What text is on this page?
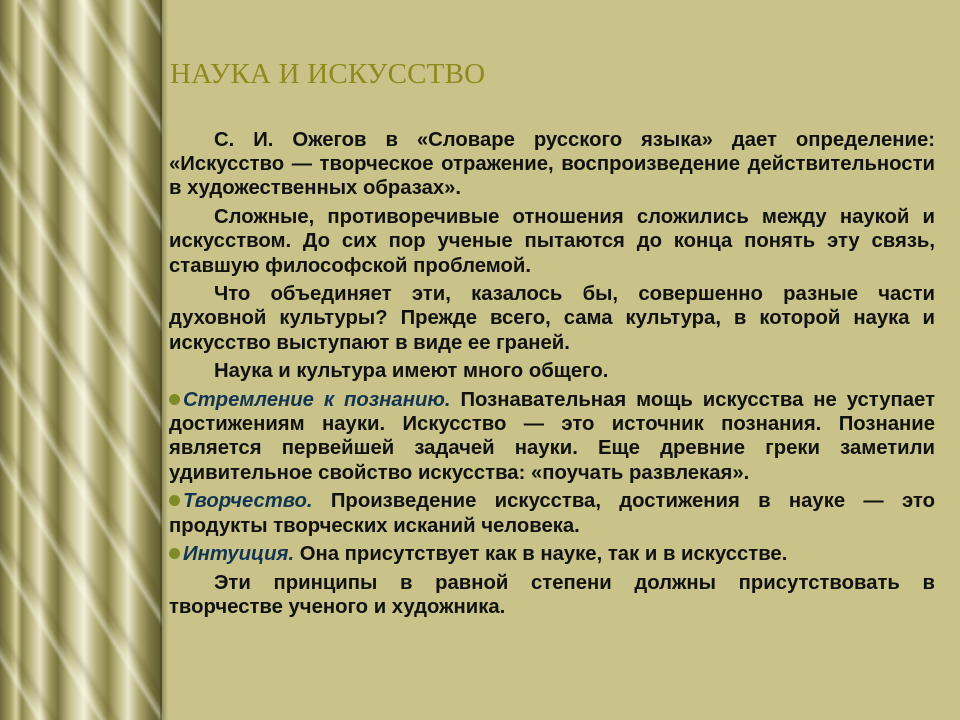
НАУКА И ИСКУССТВО

С. И. Ожегов в «Словаре русского языка» дает определение: «Искусство — творческое отражение, воспроизведение действительности в художественных образах».

Сложные, противоречивые отношения сложились между наукой и искусством. До сих пор ученые пытаются до конца понять эту связь, ставшую философской проблемой.

Что объединяет эти, казалось бы, совершенно разные части духовной культуры? Прежде всего, сама культура, в которой наука и искусство выступают в виде ее граней.

Наука и культура имеют много общего.

Стремление к познанию. Познавательная мощь искусства не уступает достижениям науки. Искусство — это источник познания. Познание является первейшей задачей науки. Еще древние греки заметили удивительное свойство искусства: «поучать развлекая».

Творчество. Произведение искусства, достижения в науке — это продукты творческих исканий человека.

Интуиция. Она присутствует как в науке, так и в искусстве.

Эти принципы в равной степени должны присутствовать в творчестве ученого и художника.
